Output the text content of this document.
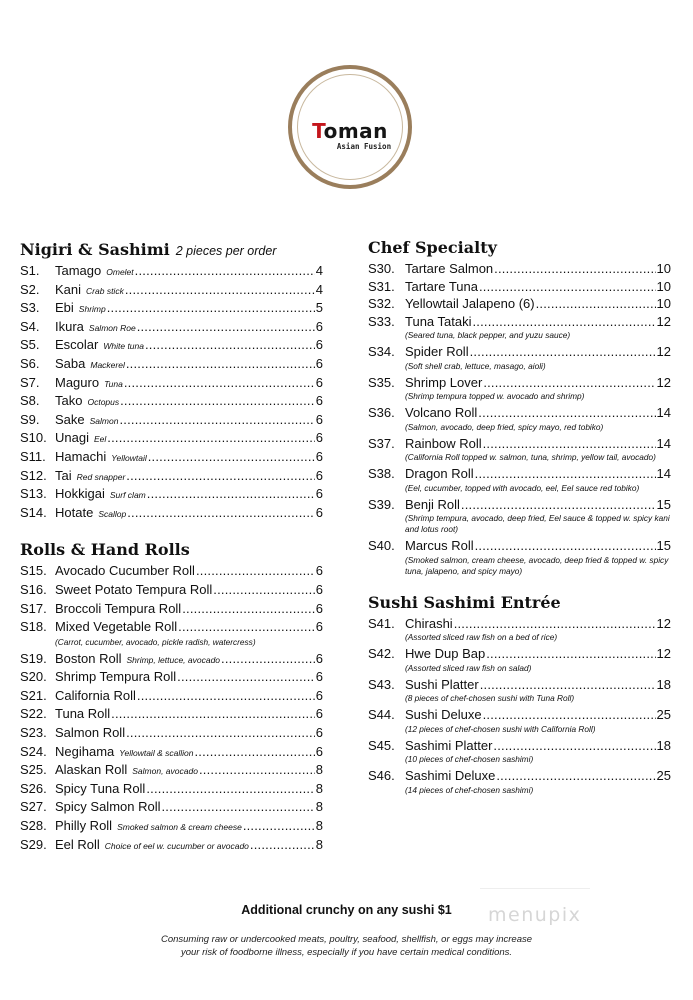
Toman
Asian Fusion
Nigiri & Sashimi 2 pieces per order
S1.	Tamago Omelet .....	4
S2.	Kani Crab stick .....	4
S3.	Ebi Shrimp .....	5
S4.	Ikura Salmon Roe .....	6
S5.	Escolar White tuna .....	6
S6.	Saba Mackerel .....	6
S7.	Maguro Tuna .....	6
S8.	Tako Octopus .....	6
S9.	Sake Salmon .....	6
S10. Unagi Eel .....	6
S11. Hamachi Yellowtail .....	6
S12. Tai Red snapper .....	6
S13. Hokkigai Surf clam .....	6
S14. Hotate Scallop .....	6
Rolls & Hand Rolls
S15. Avocado Cucumber Roll .....	6
S16. Sweet Potato Tempura Roll .....	6
S17. Broccoli Tempura Roll .....	6
S18. Mixed Vegetable Roll .....	6
(Carrot, cucumber, avocado, pickle radish, watercress)
S19. Boston Roll Shrimp, lettuce, avocado .....	6
S20. Shrimp Tempura Roll .....	6
S21. California Roll .....	6
S22. Tuna Roll .....	6
S23. Salmon Roll .....	6
S24. Negihama Yellowtail & scallion .....	6
S25. Alaskan Roll Salmon, avocado .....	8
S26. Spicy Tuna Roll .....	8
S27. Spicy Salmon Roll .....	8
S28. Philly Roll Smoked salmon & cream cheese .....	8
S29. Eel Roll Choice of eel w. cucumber or avocado .....	8
Chef Specialty
S30. Tartare Salmon .....	10
S31. Tartare Tuna .....	10
S32. Yellowtail Jalapeno (6) .....	10
S33. Tuna Tataki .....	12
(Seared tuna, black pepper, and yuzu sauce)
S34. Spider Roll .....	12
(Soft shell crab, lettuce, masago, aioli)
S35. Shrimp Lover .....	12
(Shrimp tempura topped w. avocado and shrimp)
S36. Volcano Roll .....	14
(Salmon, avocado, deep fried, spicy mayo, red tobiko)
S37. Rainbow Roll .....	14
(California Roll topped w. salmon, tuna, shrimp, yellow tail, avocado)
S38. Dragon Roll .....	14
(Eel, cucumber, topped with avocado, eel, Eel sauce red tobiko)
S39. Benji Roll .....	15
(Shrimp tempura, avocado, deep fried, Eel sauce & topped w. spicy kani and lotus root)
S40. Marcus Roll .....	15
(Smoked salmon, cream cheese, avocado, deep fried & topped w. spicy tuna, jalapeno, and spicy mayo)
Sushi Sashimi Entrée
S41. Chirashi .....	12
(Assorted sliced raw fish on a bed of rice)
S42. Hwe Dup Bap .....	12
(Assorted sliced raw fish on salad)
S43. Sushi Platter .....	18
(8 pieces of chef-chosen sushi with Tuna Roll)
S44. Sushi Deluxe .....	25
(12 pieces of chef-chosen sushi with California Roll)
S45. Sashimi Platter .....	18
(10 pieces of chef-chosen sashimi)
S46. Sashimi Deluxe .....	25
(14 pieces of chef-chosen sashimi)
menupix
Additional crunchy on any sushi $1
Consuming raw or undercooked meats, poultry, seafood, shellfish, or eggs may increase
your risk of foodborne illness, especially if you have certain medical conditions.
